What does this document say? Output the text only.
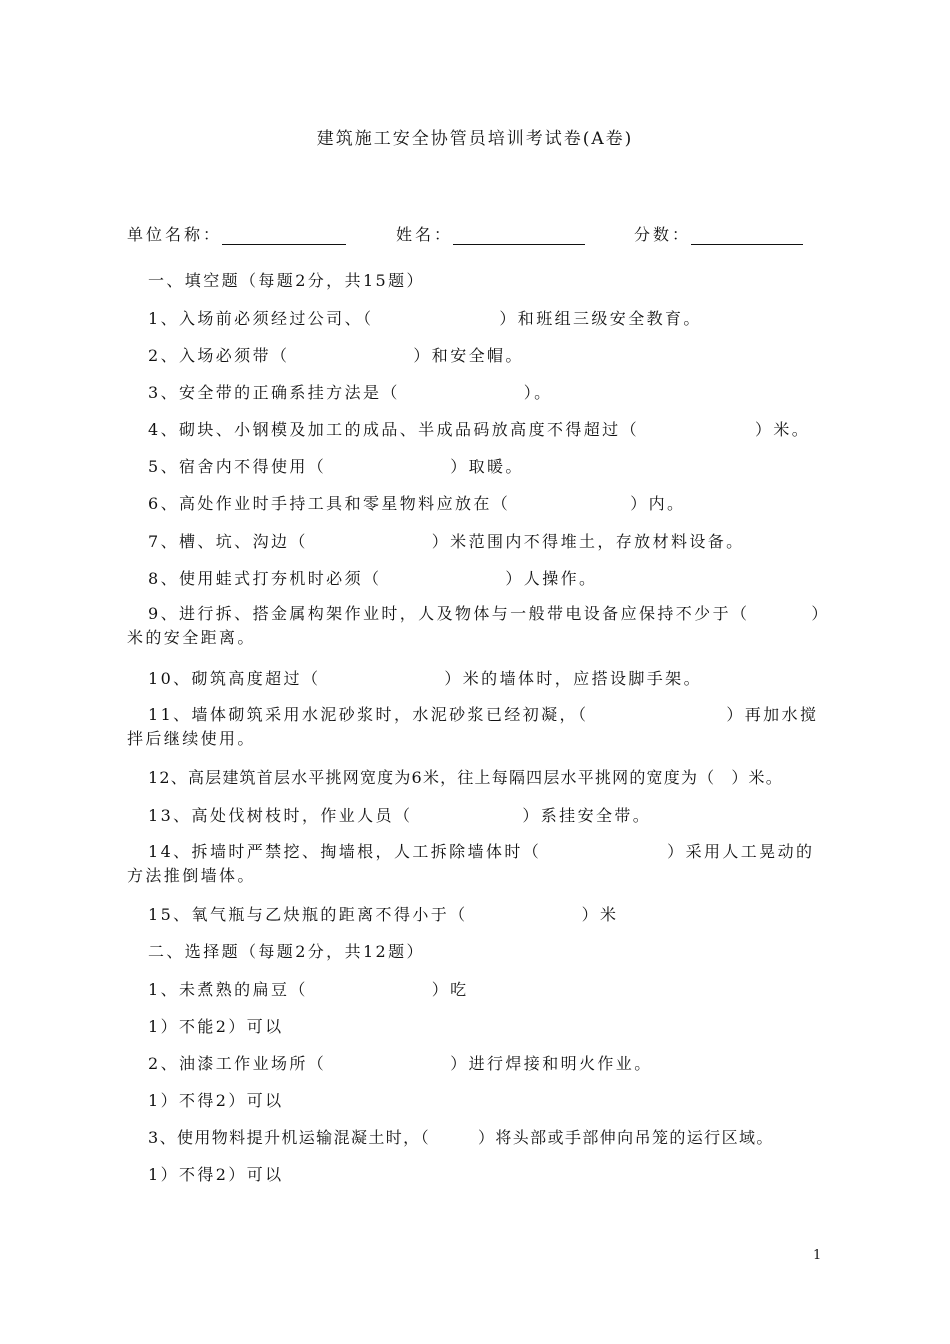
建筑施工安全协管员培训考试卷(A卷)
单位名称：	姓名：	分数：
一、填空题（每题2分，共15题）
1、入场前必须经过公司、（	）和班组三级安全教育。
2、入场必须带（	）和安全帽。
3、安全带的正确系挂方法是（	）。
4、砌块、小钢模及加工的成品、半成品码放高度不得超过（	）米。
5、宿舍内不得使用（	）取暖。
6、高处作业时手持工具和零星物料应放在（	）内。
7、槽、坑、沟边（	）米范围内不得堆土，存放材料设备。
8、使用蛙式打夯机时必须（	）人操作。
9、进行拆、搭金属构架作业时，人及物体与一般带电设备应保持不少于（	）米的安全距离。
10、砌筑高度超过（	）米的墙体时，应搭设脚手架。
11、墙体砌筑采用水泥砂浆时，水泥砂浆已经初凝，（	）再加水搅拌后继续使用。
12、高层建筑首层水平挑网宽度为6米，往上每隔四层水平挑网的宽度为（ ）米。
13、高处伐树枝时，作业人员（	）系挂安全带。
14、拆墙时严禁挖、掏墙根，人工拆除墙体时（	）采用人工晃动的方法推倒墙体。
15、氧气瓶与乙炔瓶的距离不得小于（	）米
二、选择题（每题2分，共12题）
1、未煮熟的扁豆（	）吃
1）不能2）可以
2、油漆工作业场所（	）进行焊接和明火作业。
1）不得2）可以
3、使用物料提升机运输混凝土时，（	）将头部或手部伸向吊笼的运行区域。
1）不得2）可以
1
